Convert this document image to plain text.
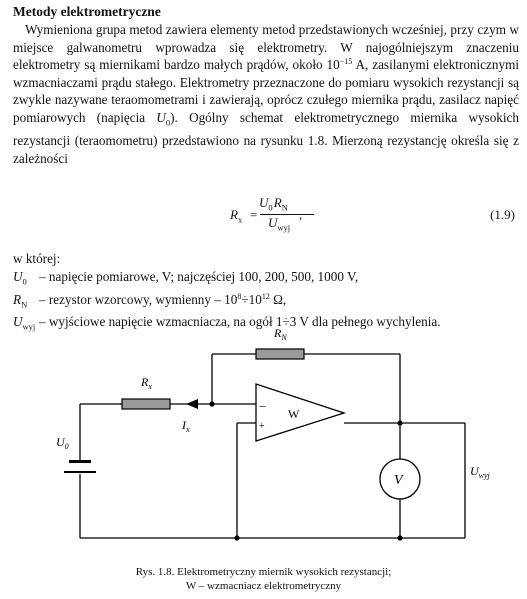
Metody elektrometryczne
Wymieniona grupa metod zawiera elementy metod przedstawionych wcześniej, przy czym w miejsce galwanometru wprowadza się elektrometry. W najogólniejszym znaczeniu elektrometry są miernikami bardzo małych prądów, około $10^{-15}$ A, zasilanymi elektronicznymi wzmacniaczami prądu stałego. Elektrometry przeznaczone do pomiaru wysokich rezystancji są zwykle nazywane teraomometrami i zawierają, oprócz czułego miernika prądu, zasilacz napięć pomiarowych (napięcia $U_0$). Ogólny schemat elektrometrycznego miernika wysokich rezystancji (teraomometru) przedstawiono na rysunku 1.8. Mierzoną rezystancję określa się z zależności
$R_x$ =
$U_0$ $R_N$
$U_{wyj}$
,	(1.9)
w której:
$U_0$ – napięcie pomiarowe, V; najczęściej 100, 200, 500, 1000 V,
$R_N$ – rezystor wzorcowy, wymienny – $10^8\div 10^{12}$ Ω,
$U_{wyj}$ – wyjściowe napięcie wzmacniacza, na ogół 1÷3 V dla pełnego wychylenia.
$R_N$
$R_x$
$I_x$
$U_0$
$U_{wyj}$
−
+
W
V
Rys. 1.8. Elektrometryczny miernik wysokich rezystancji;
W – wzmacniacz elektrometryczny
